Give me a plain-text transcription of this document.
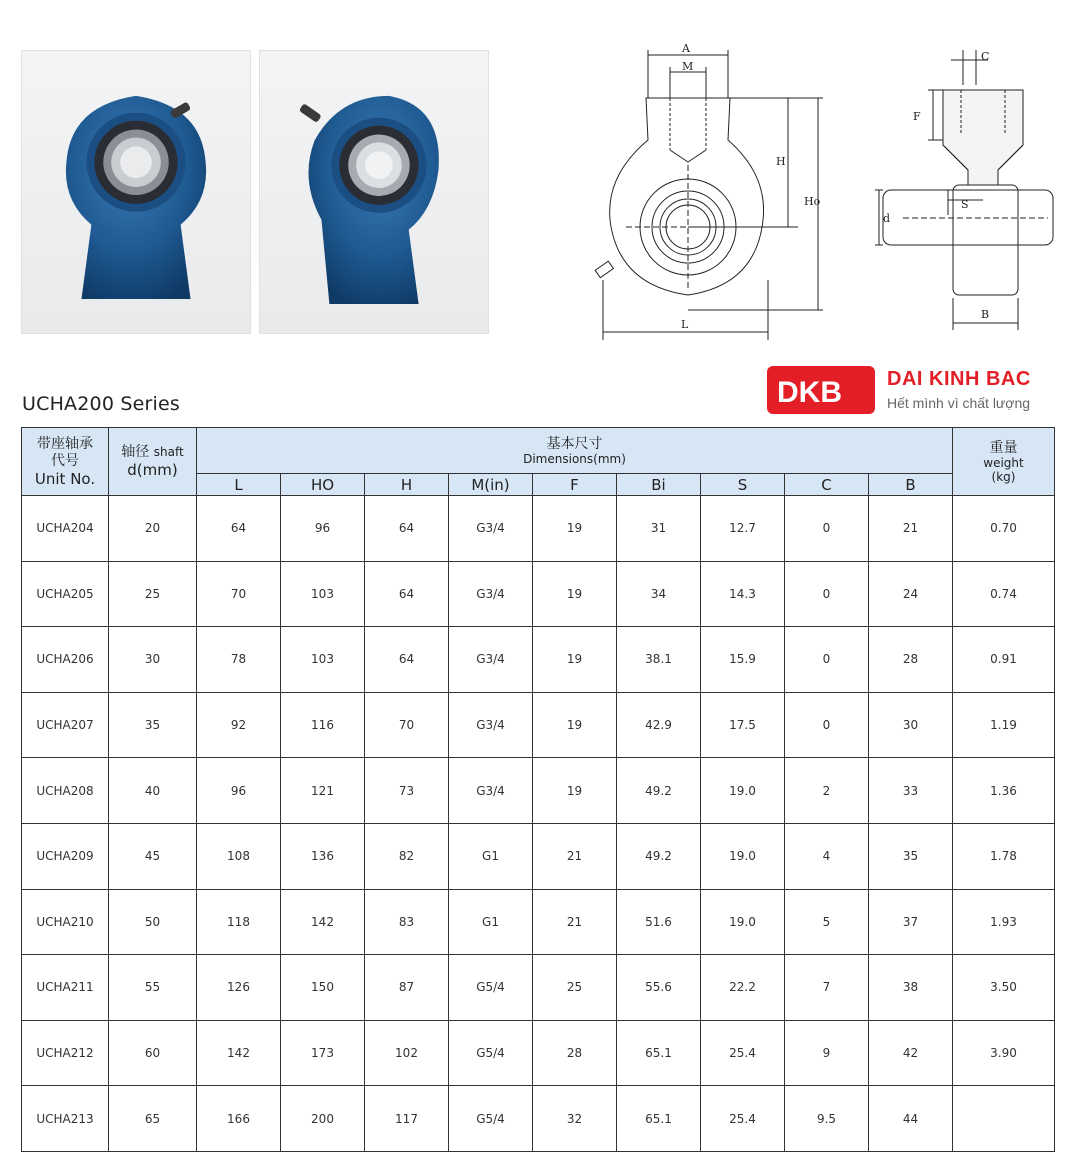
A
M
H
Ho
L
C
F
S
d
B
UCHA200 Series	DKB DAI KINH BAC
Hết mình vì chất lượng
带座轴承
代号
Unit No.	轴径 shaft
d(mm)	基本尺寸
Dimensions(mm)									重量
weight
(kg)

		L	HO	H	M(in)	F	Bi	S	C	B	
UCHA204	20	64	96	64	G3/4	19	31	12.7	0	21	0.70
UCHA205	25	70	103	64	G3/4	19	34	14.3	0	24	0.74
UCHA206	30	78	103	64	G3/4	19	38.1	15.9	0	28	0.91
UCHA207	35	92	116	70	G3/4	19	42.9	17.5	0	30	1.19
UCHA208	40	96	121	73	G3/4	19	49.2	19.0	2	33	1.36
UCHA209	45	108	136	82	G1	21	49.2	19.0	4	35	1.78
UCHA210	50	118	142	83	G1	21	51.6	19.0	5	37	1.93
UCHA211	55	126	150	87	G5/4	25	55.6	22.2	7	38	3.50
UCHA212	60	142	173	102	G5/4	28	65.1	25.4	9	42	3.90
UCHA213	65	166	200	117	G5/4	32	65.1	25.4	9.5	44	
